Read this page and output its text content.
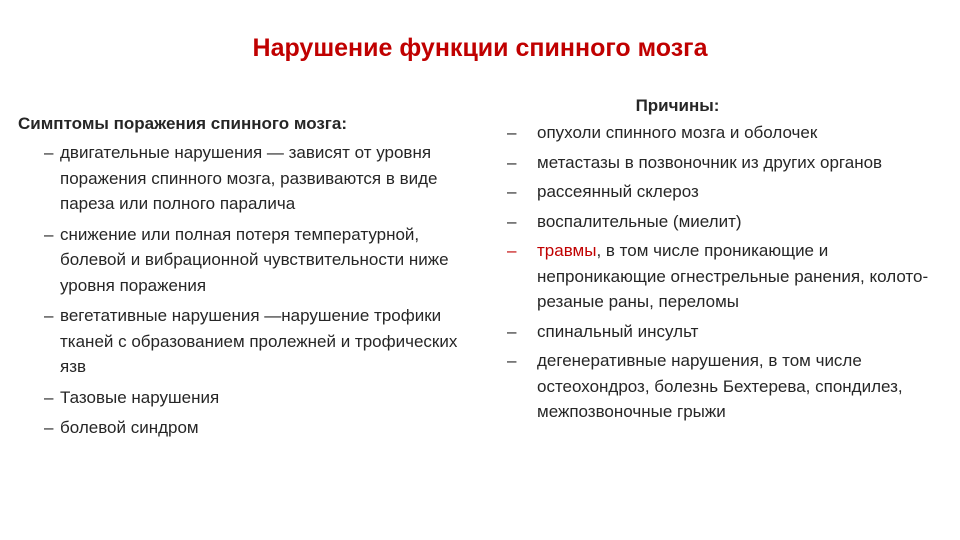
Нарушение функции спинного мозга

Симптомы поражения спинного мозга:

– двигательные нарушения — зависят от уровня поражения спинного мозга, развиваются в виде пареза или полного паралича
– снижение или полная потеря температурной, болевой и вибрационной чувствительности ниже уровня поражения
– вегетативные нарушения —нарушение трофики тканей с образованием пролежней и трофических язв
– Тазовые нарушения
– болевой синдром

Причины:

– опухоли спинного мозга и оболочек
– метастазы в позвоночник из других органов
– рассеянный склероз
– воспалительные (миелит)
– травмы, в том числе проникающие и непроникающие огнестрельные ранения, колото-резаные раны, переломы
– спинальный инсульт
– дегенеративные нарушения, в том числе остеохондроз, болезнь Бехтерева, спондилез, межпозвоночные грыжи
